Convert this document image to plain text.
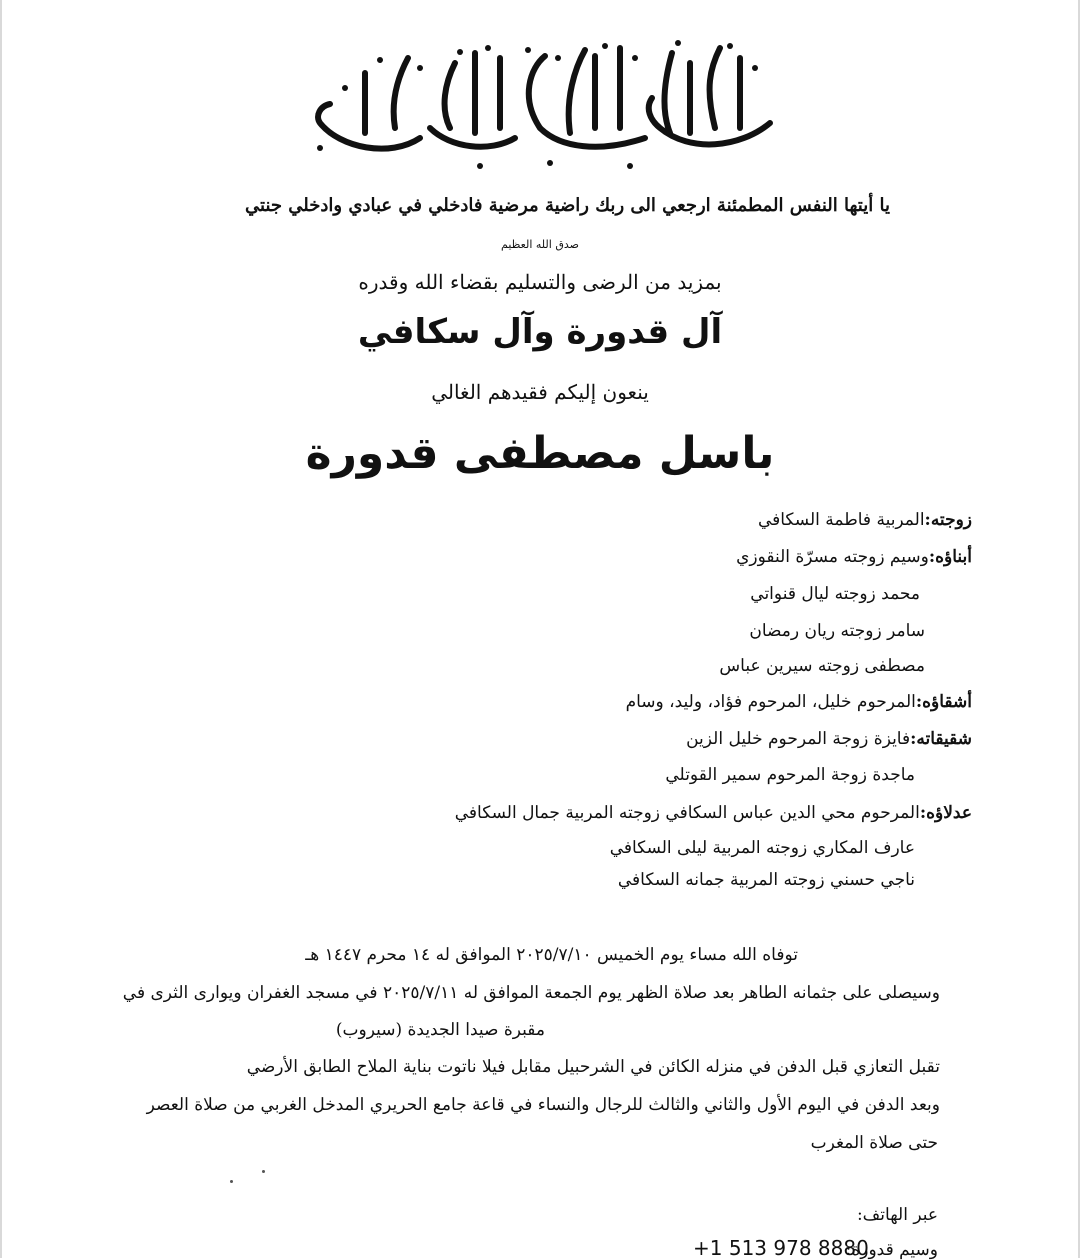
يا أيتها النفس المطمئنة ارجعي الى ربك راضية مرضية فادخلي في عبادي وادخلي جنتي
صدق الله العظيم
بمزيد من الرضى والتسليم بقضاء الله وقدره
آل قدورة وآل سكافي
ينعون إليكم فقيدهم الغالي
باسل مصطفى قدورة
زوجته:المربية فاطمة السكافي
أبناؤه:وسيم زوجته مسرّة النقوزي
محمد زوجته ليال قنواتي
سامر زوجته ريان رمضان
مصطفى زوجته سيرين عباس
أشقاؤه:المرحوم خليل، المرحوم فؤاد، وليد، وسام
شقيقاته:فايزة زوجة المرحوم خليل الزين
ماجدة زوجة المرحوم سمير القوتلي
عدلاؤه:المرحوم محي الدين عباس السكافي زوجته المربية جمال السكافي
عارف المكاري زوجته المربية ليلى السكافي
ناجي حسني زوجته المربية جمانه السكافي
توفاه الله مساء يوم الخميس ٢٠٢٥/٧/١٠ الموافق له ١٤ محرم ١٤٤٧ هـ
وسيصلى على جثمانه الطاهر بعد صلاة الظهر يوم الجمعة الموافق له ٢٠٢٥/٧/١١ في مسجد الغفران ويوارى الثرى في
مقبرة صيدا الجديدة (سيروب)
تقبل التعازي قبل الدفن في منزله الكائن في الشرحبيل مقابل فيلا ناتوت بناية الملاح الطابق الأرضي
وبعد الدفن في اليوم الأول والثاني والثالث للرجال والنساء في قاعة جامع الحريري المدخل الغربي من صلاة العصر
حتى صلاة المغرب
عبر الهاتف:
وسيم قدورة:
+1 513 978 8880
